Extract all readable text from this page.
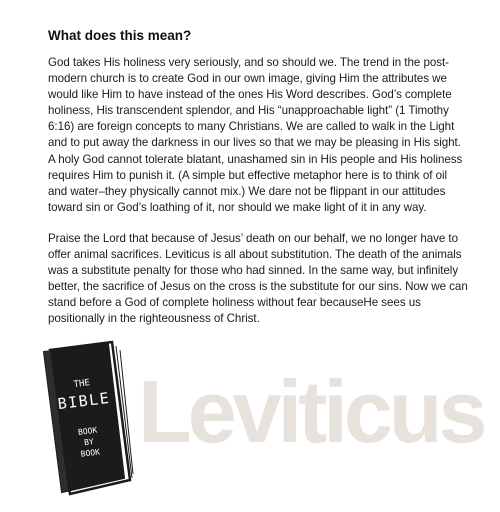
What does this mean?

God takes His holiness very seriously, and so should we. The trend in the post-modern church is to create God in our own image, giving Him the attributes we would like Him to have instead of the ones His Word describes. God’s complete holiness, His transcendent splendor, and His “unapproachable light” (1 Timothy 6:16) are foreign concepts to many Christians. We are called to walk in the Light and to put away the darkness in our lives so that we may be pleasing in His sight. A holy God cannot tolerate blatant, unashamed sin in His people and His holiness requires Him to punish it. (A simple but effective metaphor here is to think of oil and water–they physically cannot mix.) We dare not be flippant in our attitudes toward sin or God’s loathing of it, nor should we make light of it in any way.

Praise the Lord that because of Jesus’ death on our behalf, we no longer have to offer animal sacrifices. Leviticus is all about substitution. The death of the animals was a substitute penalty for those who had sinned. In the same way, but infinitely better, the sacrifice of Jesus on the cross is the substitute for our sins. Now we can stand before a God of complete holiness without fear becauseHe sees us positionally in the righteousness of Christ.

Leviticus
THE
BIBLE
BOOK
BY
BOOK
